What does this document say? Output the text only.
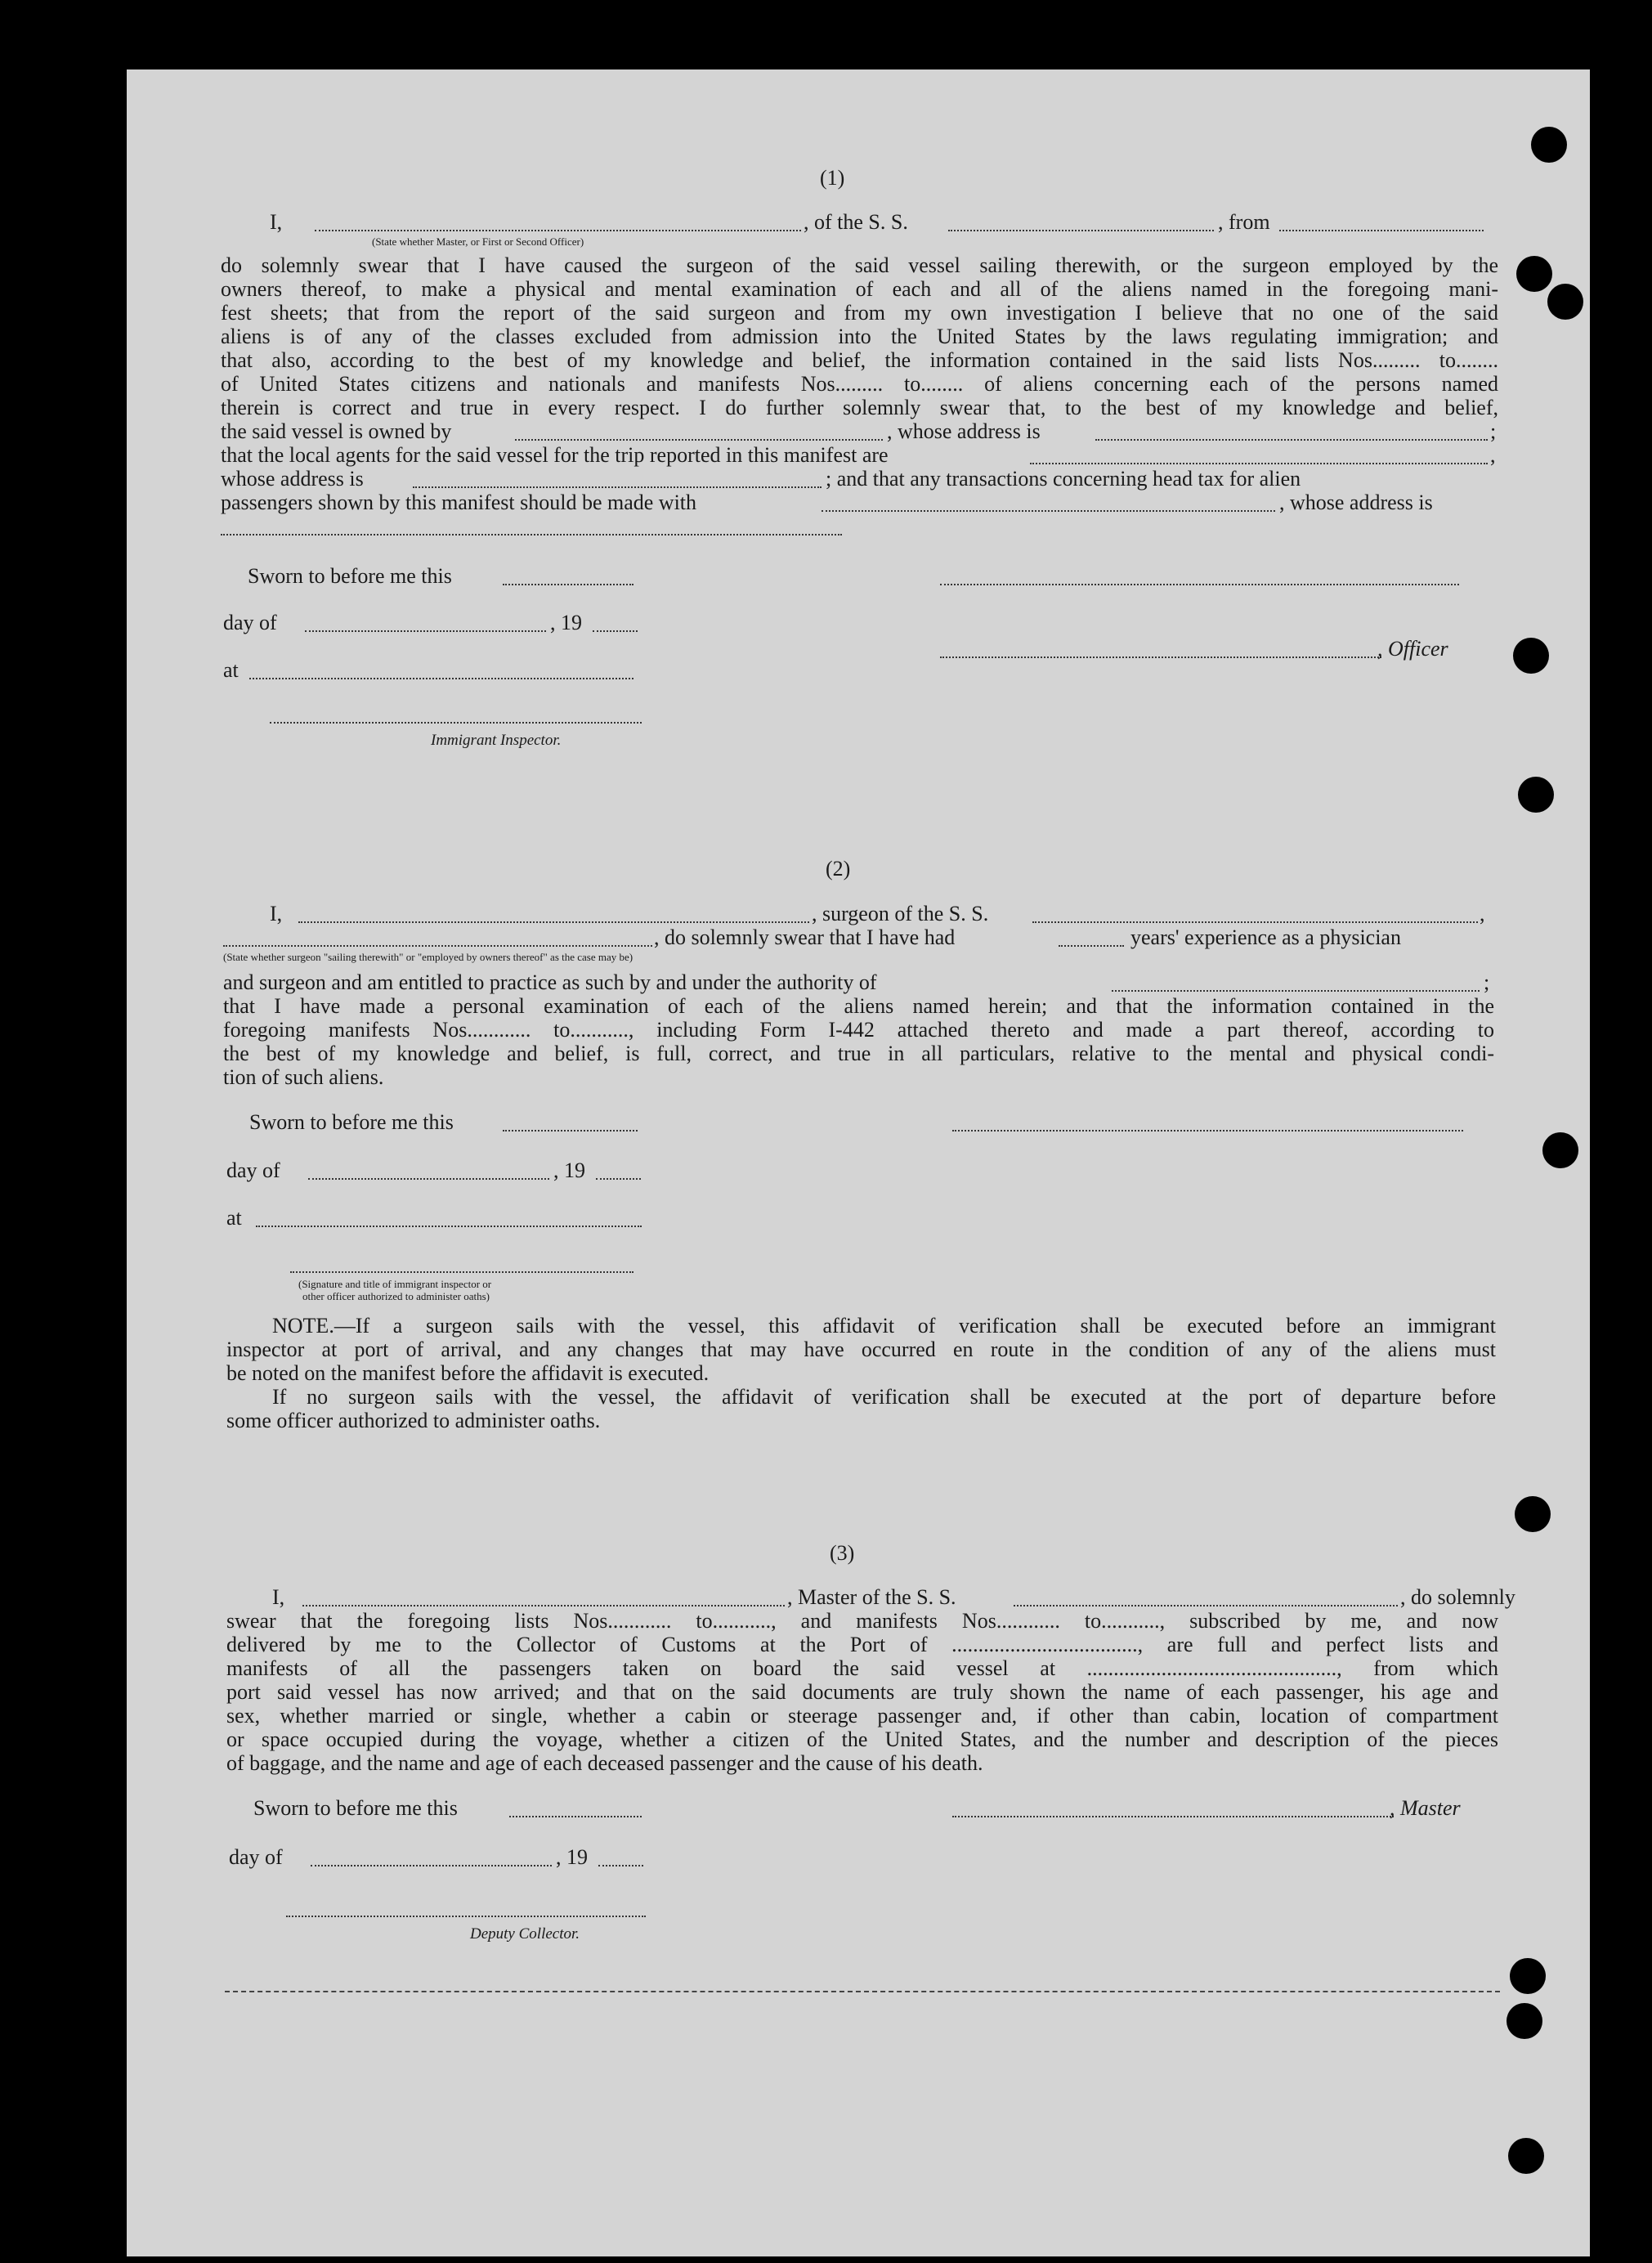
(1)
I,
(State whether Master, or First or Second Officer)
, of the S. S.	, from
do solemnly swear that I have caused the surgeon of the said vessel sailing therewith, or the surgeon employed by the
owners thereof, to make a physical and mental examination of each and all of the aliens named in the foregoing mani-
fest sheets; that from the report of the said surgeon and from my own investigation I believe that no one of the said
aliens is of any of the classes excluded from admission into the United States by the laws regulating immigration; and
that also, according to the best of my knowledge and belief, the information contained in the said lists Nos......... to........
of United States citizens and nationals and manifests Nos......... to........ of aliens concerning each of the persons named
therein is correct and true in every respect. I do further solemnly swear that, to the best of my knowledge and belief,
the said vessel is owned by	, whose address is	;
that the local agents for the said vessel for the trip reported in this manifest are	,
whose address is	; and that any transactions concerning head tax for alien
passengers shown by this manifest should be made with	, whose address is
Sworn to before me this
day of	, 19
, Officer
at
Immigrant Inspector.
(2)
I,	, surgeon of the S. S.	,
, do solemnly swear that I have had	years' experience as a physician
(State whether surgeon "sailing therewith" or "employed by owners thereof" as the case may be)
and surgeon and am entitled to practice as such by and under the authority of	;
that I have made a personal examination of each of the aliens named herein; and that the information contained in the
foregoing manifests Nos............ to..........., including Form I-442 attached thereto and made a part thereof, according to
the best of my knowledge and belief, is full, correct, and true in all particulars, relative to the mental and physical condi-
tion of such aliens.
Sworn to before me this
day of	, 19
at
(Signature and title of immigrant inspector or
other officer authorized to administer oaths)
NOTE.—If a surgeon sails with the vessel, this affidavit of verification shall be executed before an immigrant
inspector at port of arrival, and any changes that may have occurred en route in the condition of any of the aliens must
be noted on the manifest before the affidavit is executed.
If no surgeon sails with the vessel, the affidavit of verification shall be executed at the port of departure before
some officer authorized to administer oaths.
(3)
I,	, Master of the S. S.	, do solemnly
swear that the foregoing lists Nos............ to..........., and manifests Nos............ to..........., subscribed by me, and now
delivered by me to the Collector of Customs at the Port of ..................................., are full and perfect lists and
manifests of all the passengers taken on board the said vessel at ..............................................., from which
port said vessel has now arrived; and that on the said documents are truly shown the name of each passenger, his age and
sex, whether married or single, whether a cabin or steerage passenger and, if other than cabin, location of compartment
or space occupied during the voyage, whether a citizen of the United States, and the number and description of the pieces
of baggage, and the name and age of each deceased passenger and the cause of his death.
Sworn to before me this	, Master
day of	, 19
Deputy Collector.
